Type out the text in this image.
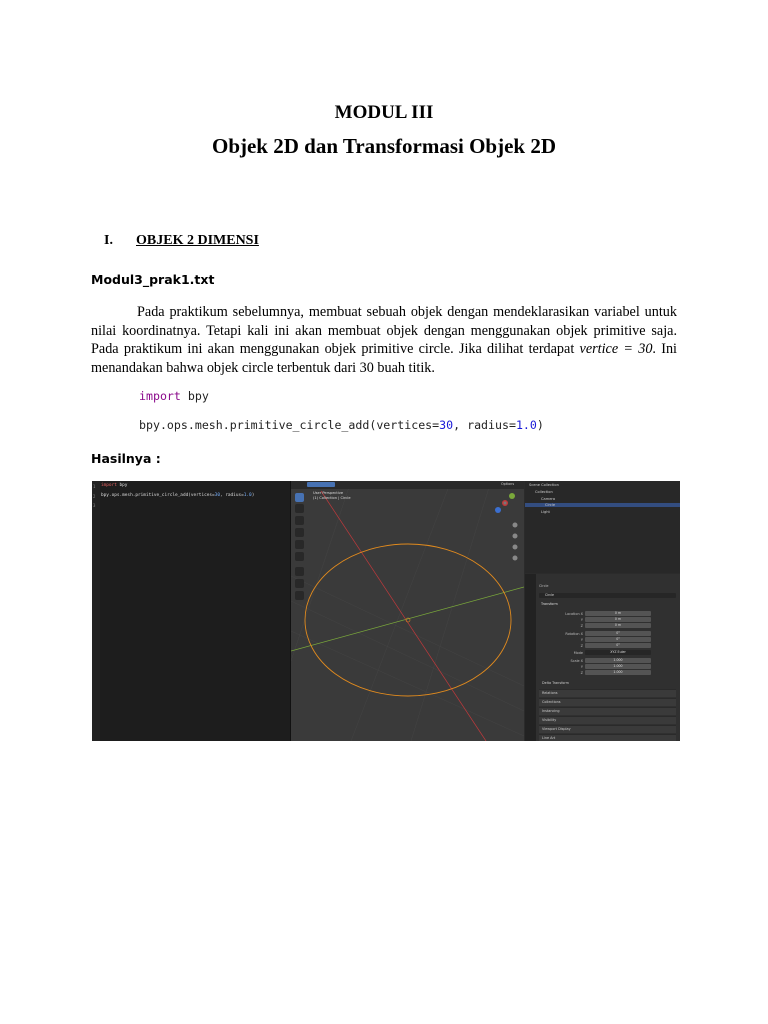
MODUL III
Objek 2D dan Transformasi Objek 2D
I. OBJEK 2 DIMENSI
Modul3_prak1.txt

Pada praktikum sebelumnya, membuat sebuah objek dengan mendeklarasikan variabel untuk nilai koordinatnya. Tetapi kali ini akan membuat objek dengan menggunakan objek primitive saja. Pada praktikum ini akan menggunakan objek primitive circle. Jika dilihat terdapat vertice = 30. Ini menandakan bahwa objek circle terbentuk dari 30 buah titik.

import bpy
bpy.ops.mesh.primitive_circle_add(vertices=30, radius=1.0)
Hasilnya :
1
2
3
import bpy
bpy.ops.mesh.primitive_circle_add(vertices=30, radius=1.0)
Options
User Perspective
(1) Collection | Circle
Scene Collection
Collection
Camera
Circle
Light
Circle
Circle
Transform
Location X	0 m
Y	0 m
Z	0 m
Rotation X	0°
Y	0°
Z	0°
Mode	XYZ Euler
Scale X	1.000
Y	1.000
Z	1.000
Delta Transform
Relations
Collections
Instancing
Visibility
Viewport Display
Line Art
